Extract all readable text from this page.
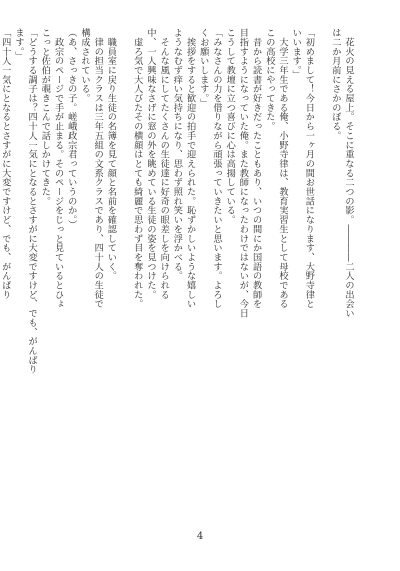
　花火の見える屋上。そこに重なる二つの影。――――二人の出会い
は二か月前にさかのぼる。
「初めまして！今日から一ヶ月の間お世話になります、大野寺律と
いいます。」
　大学三年生である俺、小野寺律は、教育実習生として母校である
この高校にやってきた。
　昔から読書が好きだったこともあり、いつの間にか国語の教師を
目指すようになっていた俺。また教師になったわけではないが、今日
こうして教壇に立つ喜びに心は高揚している。
「みなさんの力を借りながら頑張っていきたいと思います。よろし
くお願いします。」
　挨拶をすると歓迎の拍手で迎えられた。恥ずかしいような嬉しい
ようなむず痒い気持ちになり、思わず照れ笑いを浮かべる。
　そんな風にしてたくさんの生徒達に好奇の眼差しを向けられる
中、一人興味なさげに窓の外を眺めている生徒の姿を見つけた。
　虚ろ気で大人びたその横顔はとても綺麗で思わず目を奪われた。
　職員室に戻り生徒の名簿を見て顔と名前を確認していく。
　律の担当クラスは三年五組の文系クラスであり、四十人の生徒で
構成されている。
（あ、さっきの子。嵯峨政宗君っていうのか。）
　政宗のページで手が止まる。そのページをじっと見ているとひょ
こっと佐伯が覗きこんで話しかけてきた。
「どうする調子は？四十人一気にとなるとさすがに大変ですけど、でも、がんばり
ます。」
「四十人一気にとなるとさすがに大変ですけど、でも、がんばり
4
